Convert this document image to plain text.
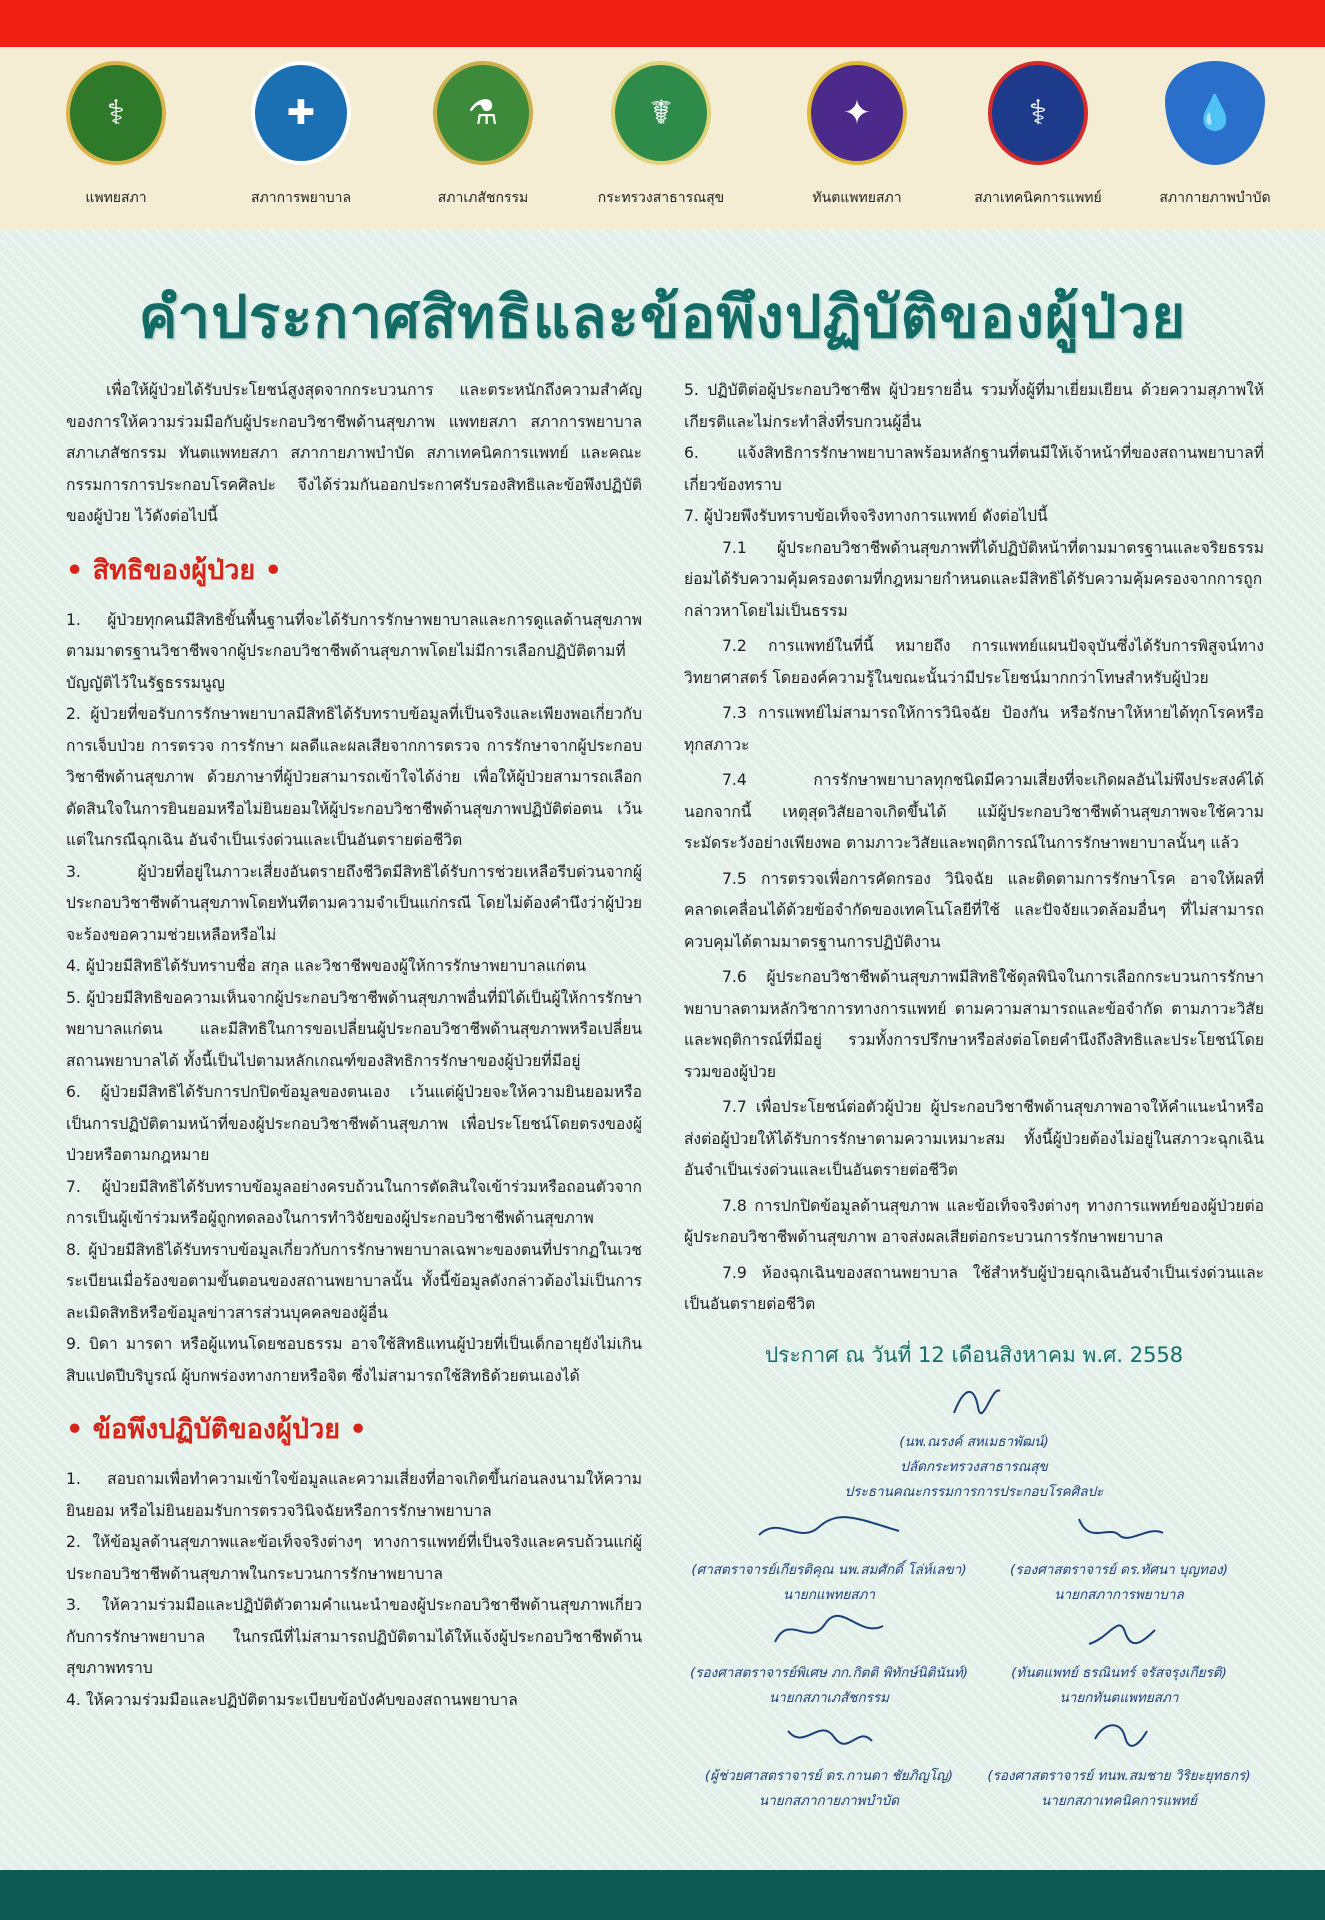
⚕
แพทยสภา
✚
สภาการพยาบาล
⚗
สภาเภสัชกรรม
☤
กระทรวงสาธารณสุข
✦
ทันตแพทยสภา
⚕
สภาเทคนิคการแพทย์
💧
สภากายภาพบำบัด
คำประกาศสิทธิและข้อพึงปฏิบัติของผู้ป่วย

เพื่อให้ผู้ป่วยได้รับประโยชน์สูงสุดจากกระบวนการ และตระหนักถึงความสำคัญของการให้ความร่วมมือกับผู้ประกอบวิชาชีพด้านสุขภาพ แพทยสภา สภาการพยาบาล สภาเภสัชกรรม ทันตแพทยสภา สภากายภาพบำบัด สภาเทคนิคการแพทย์ และคณะกรรมการการประกอบโรคศิลปะ จึงได้ร่วมกันออกประกาศรับรองสิทธิและข้อพึงปฏิบัติของผู้ป่วย ไว้ดังต่อไปนี้

• สิทธิของผู้ป่วย •

1. ผู้ป่วยทุกคนมีสิทธิขั้นพื้นฐานที่จะได้รับการรักษาพยาบาลและการดูแลด้านสุขภาพตามมาตรฐานวิชาชีพจากผู้ประกอบวิชาชีพด้านสุขภาพโดยไม่มีการเลือกปฏิบัติตามที่บัญญัติไว้ในรัฐธรรมนูญ

2. ผู้ป่วยที่ขอรับการรักษาพยาบาลมีสิทธิได้รับทราบข้อมูลที่เป็นจริงและเพียงพอเกี่ยวกับการเจ็บป่วย การตรวจ การรักษา ผลดีและผลเสียจากการตรวจ การรักษาจากผู้ประกอบวิชาชีพด้านสุขภาพ ด้วยภาษาที่ผู้ป่วยสามารถเข้าใจได้ง่าย เพื่อให้ผู้ป่วยสามารถเลือกตัดสินใจในการยินยอมหรือไม่ยินยอมให้ผู้ประกอบวิชาชีพด้านสุขภาพปฏิบัติต่อตน เว้นแต่ในกรณีฉุกเฉิน อันจำเป็นเร่งด่วนและเป็นอันตรายต่อชีวิต

3. ผู้ป่วยที่อยู่ในภาวะเสี่ยงอันตรายถึงชีวิตมีสิทธิได้รับการช่วยเหลือรีบด่วนจากผู้ประกอบวิชาชีพด้านสุขภาพโดยทันทีตามความจำเป็นแก่กรณี โดยไม่ต้องคำนึงว่าผู้ป่วยจะร้องขอความช่วยเหลือหรือไม่

4. ผู้ป่วยมีสิทธิได้รับทราบชื่อ สกุล และวิชาชีพของผู้ให้การรักษาพยาบาลแก่ตน

5. ผู้ป่วยมีสิทธิขอความเห็นจากผู้ประกอบวิชาชีพด้านสุขภาพอื่นที่มิได้เป็นผู้ให้การรักษาพยาบาลแก่ตน และมีสิทธิในการขอเปลี่ยนผู้ประกอบวิชาชีพด้านสุขภาพหรือเปลี่ยนสถานพยาบาลได้ ทั้งนี้เป็นไปตามหลักเกณฑ์ของสิทธิการรักษาของผู้ป่วยที่มีอยู่

6. ผู้ป่วยมีสิทธิได้รับการปกปิดข้อมูลของตนเอง เว้นแต่ผู้ป่วยจะให้ความยินยอมหรือเป็นการปฏิบัติตามหน้าที่ของผู้ประกอบวิชาชีพด้านสุขภาพ เพื่อประโยชน์โดยตรงของผู้ป่วยหรือตามกฎหมาย

7. ผู้ป่วยมีสิทธิได้รับทราบข้อมูลอย่างครบถ้วนในการตัดสินใจเข้าร่วมหรือถอนตัวจากการเป็นผู้เข้าร่วมหรือผู้ถูกทดลองในการทำวิจัยของผู้ประกอบวิชาชีพด้านสุขภาพ

8. ผู้ป่วยมีสิทธิได้รับทราบข้อมูลเกี่ยวกับการรักษาพยาบาลเฉพาะของตนที่ปรากฏในเวชระเบียนเมื่อร้องขอตามขั้นตอนของสถานพยาบาลนั้น ทั้งนี้ข้อมูลดังกล่าวต้องไม่เป็นการละเมิดสิทธิหรือข้อมูลข่าวสารส่วนบุคคลของผู้อื่น

9. บิดา มารดา หรือผู้แทนโดยชอบธรรม อาจใช้สิทธิแทนผู้ป่วยที่เป็นเด็กอายุยังไม่เกินสิบแปดปีบริบูรณ์ ผู้บกพร่องทางกายหรือจิต ซึ่งไม่สามารถใช้สิทธิด้วยตนเองได้

• ข้อพึงปฏิบัติของผู้ป่วย •

1. สอบถามเพื่อทำความเข้าใจข้อมูลและความเสี่ยงที่อาจเกิดขึ้นก่อนลงนามให้ความยินยอม หรือไม่ยินยอมรับการตรวจวินิจฉัยหรือการรักษาพยาบาล

2. ให้ข้อมูลด้านสุขภาพและข้อเท็จจริงต่างๆ ทางการแพทย์ที่เป็นจริงและครบถ้วนแก่ผู้ประกอบวิชาชีพด้านสุขภาพในกระบวนการรักษาพยาบาล

3. ให้ความร่วมมือและปฏิบัติตัวตามคำแนะนำของผู้ประกอบวิชาชีพด้านสุขภาพเกี่ยวกับการรักษาพยาบาล ในกรณีที่ไม่สามารถปฏิบัติตามได้ให้แจ้งผู้ประกอบวิชาชีพด้านสุขภาพทราบ

4. ให้ความร่วมมือและปฏิบัติตามระเบียบข้อบังคับของสถานพยาบาล

5. ปฏิบัติต่อผู้ประกอบวิชาชีพ ผู้ป่วยรายอื่น รวมทั้งผู้ที่มาเยี่ยมเยียน ด้วยความสุภาพให้เกียรติและไม่กระทำสิ่งที่รบกวนผู้อื่น

6. แจ้งสิทธิการรักษาพยาบาลพร้อมหลักฐานที่ตนมีให้เจ้าหน้าที่ของสถานพยาบาลที่เกี่ยวข้องทราบ

7. ผู้ป่วยพึงรับทราบข้อเท็จจริงทางการแพทย์ ดังต่อไปนี้

7.1 ผู้ประกอบวิชาชีพด้านสุขภาพที่ได้ปฏิบัติหน้าที่ตามมาตรฐานและจริยธรรม ย่อมได้รับความคุ้มครองตามที่กฎหมายกำหนดและมีสิทธิได้รับความคุ้มครองจากการถูกกล่าวหาโดยไม่เป็นธรรม

7.2 การแพทย์ในที่นี้ หมายถึง การแพทย์แผนปัจจุบันซึ่งได้รับการพิสูจน์ทางวิทยาศาสตร์ โดยองค์ความรู้ในขณะนั้นว่ามีประโยชน์มากกว่าโทษสำหรับผู้ป่วย

7.3 การแพทย์ไม่สามารถให้การวินิจฉัย ป้องกัน หรือรักษาให้หายได้ทุกโรคหรือทุกสภาวะ

7.4 การรักษาพยาบาลทุกชนิดมีความเสี่ยงที่จะเกิดผลอันไม่พึงประสงค์ได้ นอกจากนี้ เหตุสุดวิสัยอาจเกิดขึ้นได้ แม้ผู้ประกอบวิชาชีพด้านสุขภาพจะใช้ความระมัดระวังอย่างเพียงพอ ตามภาวะวิสัยและพฤติการณ์ในการรักษาพยาบาลนั้นๆ แล้ว

7.5 การตรวจเพื่อการคัดกรอง วินิจฉัย และติดตามการรักษาโรค อาจให้ผลที่คลาดเคลื่อนได้ด้วยข้อจำกัดของเทคโนโลยีที่ใช้ และปัจจัยแวดล้อมอื่นๆ ที่ไม่สามารถควบคุมได้ตามมาตรฐานการปฏิบัติงาน

7.6 ผู้ประกอบวิชาชีพด้านสุขภาพมีสิทธิใช้ดุลพินิจในการเลือกกระบวนการรักษาพยาบาลตามหลักวิชาการทางการแพทย์ ตามความสามารถและข้อจำกัด ตามภาวะวิสัยและพฤติการณ์ที่มีอยู่ รวมทั้งการปรึกษาหรือส่งต่อโดยคำนึงถึงสิทธิและประโยชน์โดยรวมของผู้ป่วย

7.7 เพื่อประโยชน์ต่อตัวผู้ป่วย ผู้ประกอบวิชาชีพด้านสุขภาพอาจให้คำแนะนำหรือส่งต่อผู้ป่วยให้ได้รับการรักษาตามความเหมาะสม ทั้งนี้ผู้ป่วยต้องไม่อยู่ในสภาวะฉุกเฉินอันจำเป็นเร่งด่วนและเป็นอันตรายต่อชีวิต

7.8 การปกปิดข้อมูลด้านสุขภาพ และข้อเท็จจริงต่างๆ ทางการแพทย์ของผู้ป่วยต่อผู้ประกอบวิชาชีพด้านสุขภาพ อาจส่งผลเสียต่อกระบวนการรักษาพยาบาล

7.9 ห้องฉุกเฉินของสถานพยาบาล ใช้สำหรับผู้ป่วยฉุกเฉินอันจำเป็นเร่งด่วนและเป็นอันตรายต่อชีวิต

ประกาศ ณ วันที่ 12 เดือนสิงหาคม พ.ศ. 2558

(นพ.ณรงค์ สหเมธาพัฒน์)
ปลัดกระทรวงสาธารณสุข
ประธานคณะกรรมการการประกอบโรคศิลปะ
(ศาสตราจารย์เกียรติคุณ นพ.สมศักดิ์ โล่ห์เลขา)
นายกแพทยสภา
(รองศาสตราจารย์ ดร.ทัศนา บุญทอง)
นายกสภาการพยาบาล
(รองศาสตราจารย์พิเศษ ภก.กิตติ พิทักษ์นิตินันท์)
นายกสภาเภสัชกรรม
(ทันตแพทย์ ธรณินทร์ จรัสจรุงเกียรติ)
นายกทันตแพทยสภา
(ผู้ช่วยศาสตราจารย์ ดร.กานดา ชัยภิญโญ)
นายกสภากายภาพบำบัด
(รองศาสตราจารย์ ทนพ.สมชาย วิริยะยุทธกร)
นายกสภาเทคนิคการแพทย์
